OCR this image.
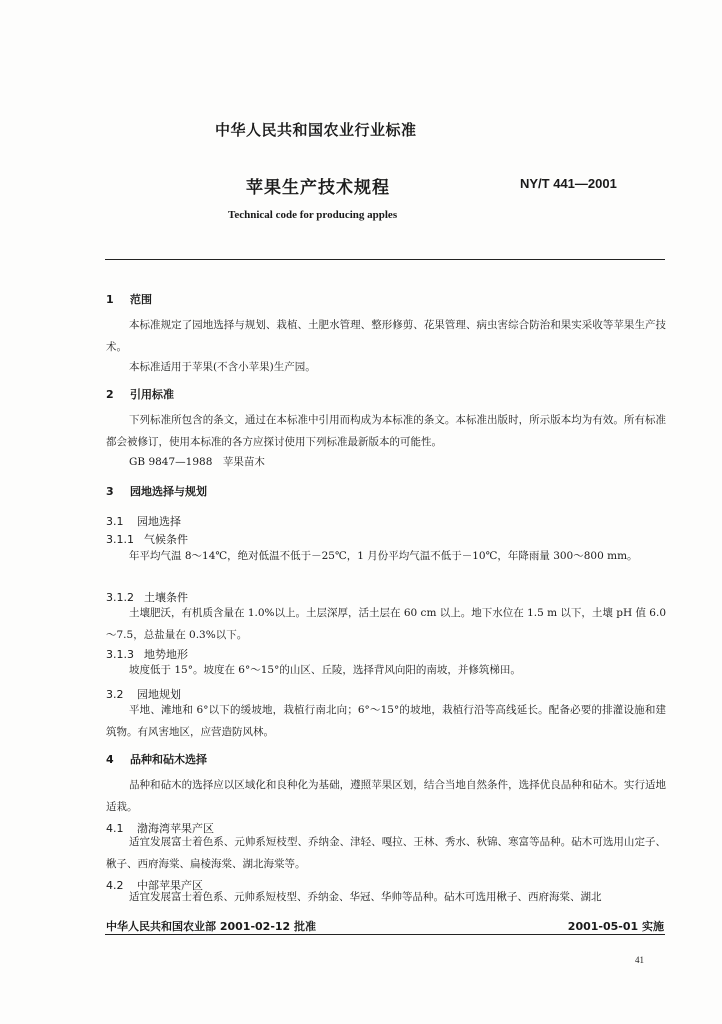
中华人民共和国农业行业标准
苹果生产技术规程	NY/T 441—2001
Technical code for producing apples
1 范围
本标准规定了园地选择与规划、栽植、土肥水管理、整形修剪、花果管理、病虫害综合防治和果实采收等苹果生产技术。
本标准适用于苹果(不含小苹果)生产园。
2 引用标准
下列标准所包含的条文，通过在本标准中引用而构成为本标准的条文。本标准出版时，所示版本均为有效。所有标准都会被修订，使用本标准的各方应探讨使用下列标准最新版本的可能性。
GB 9847—1988　苹果苗木
3 园地选择与规划
3.1 园地选择
3.1.1 气候条件
年平均气温 8～14℃，绝对低温不低于－25℃，1 月份平均气温不低于－10℃，年降雨量 300～800 mm。
3.1.2 土壤条件
土壤肥沃，有机质含量在 1.0%以上。土层深厚，活土层在 60 cm 以上。地下水位在 1.5 m 以下，土壤 pH 值 6.0～7.5，总盐量在 0.3%以下。
3.1.3 地势地形
坡度低于 15°。坡度在 6°～15°的山区、丘陵，选择背风向阳的南坡，并修筑梯田。
3.2 园地规划
平地、滩地和 6°以下的缓坡地，栽植行南北向；6°～15°的坡地，栽植行沿等高线延长。配备必要的排灌设施和建筑物。有风害地区，应营造防风林。
4 品种和砧木选择
品种和砧木的选择应以区域化和良种化为基础，遵照苹果区划，结合当地自然条件，选择优良品种和砧木。实行适地适栽。
4.1 渤海湾苹果产区
适宜发展富士着色系、元帅系短枝型、乔纳金、津轻、嘎拉、王林、秀水、秋锦、寒富等品种。砧木可选用山定子、楸子、西府海棠、扁棱海棠、湖北海棠等。
4.2 中部苹果产区
适宜发展富士着色系、元帅系短枝型、乔纳金、华冠、华帅等品种。砧木可选用楸子、西府海棠、湖北
中华人民共和国农业部 2001-02-12 批准	2001-05-01 实施
41
